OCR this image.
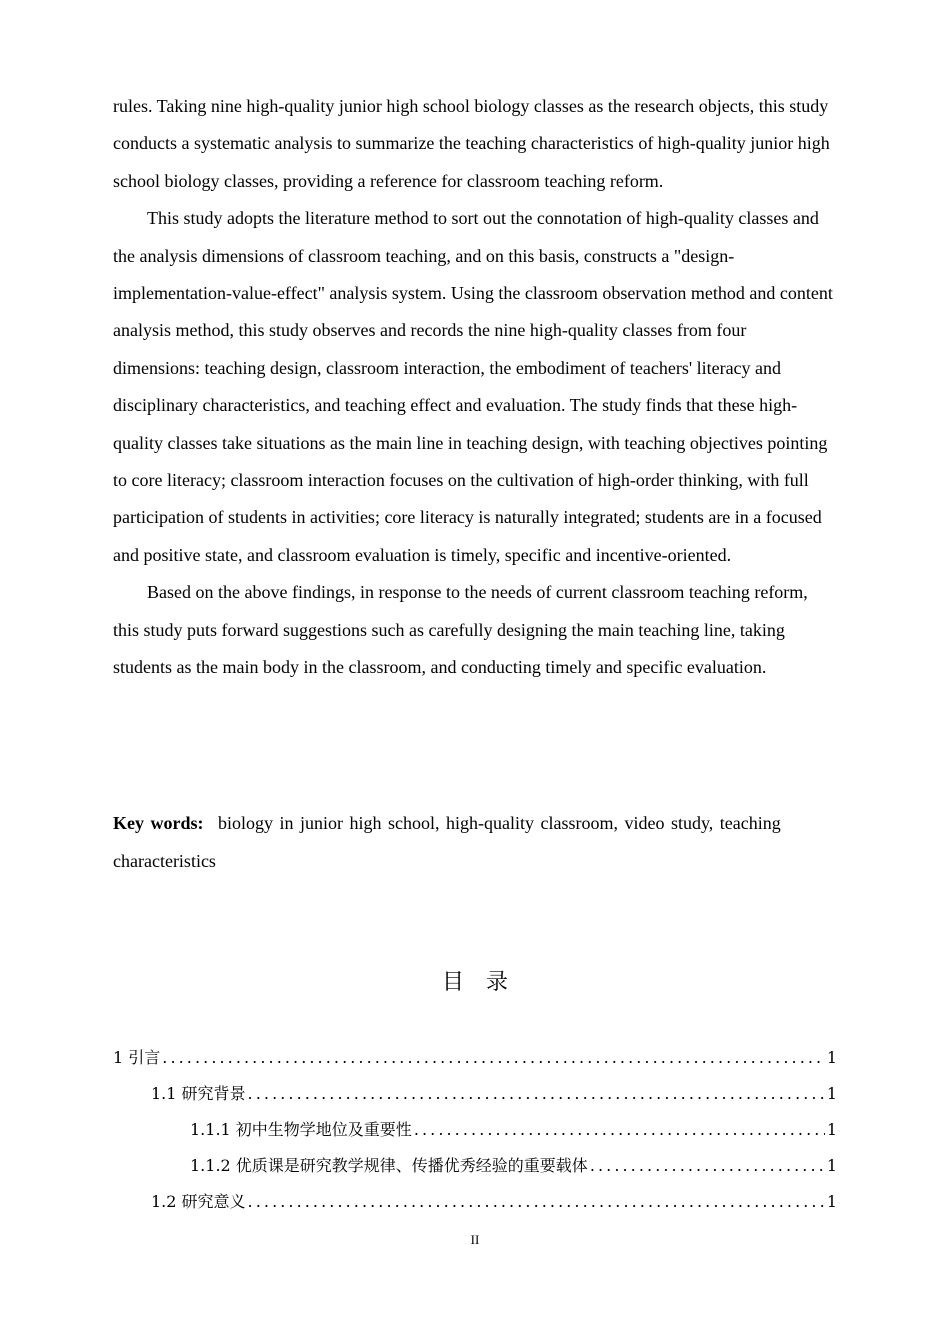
rules. Taking nine high-quality junior high school biology classes as the research objects, this study conducts a systematic analysis to summarize the teaching characteristics of high-quality junior high school biology classes, providing a reference for classroom teaching reform.

This study adopts the literature method to sort out the connotation of high-quality classes and the analysis dimensions of classroom teaching, and on this basis, constructs a "design-implementation-value-effect" analysis system. Using the classroom observation method and content analysis method, this study observes and records the nine high-quality classes from four dimensions: teaching design, classroom interaction, the embodiment of teachers' literacy and disciplinary characteristics, and teaching effect and evaluation. The study finds that these high-quality classes take situations as the main line in teaching design, with teaching objectives pointing to core literacy; classroom interaction focuses on the cultivation of high-order thinking, with full participation of students in activities; core literacy is naturally integrated; students are in a focused and positive state, and classroom evaluation is timely, specific and incentive-oriented.

Based on the above findings, in response to the needs of current classroom teaching reform, this study puts forward suggestions such as carefully designing the main teaching line, taking students as the main body in the classroom, and conducting timely and specific evaluation.

Key words: biology in junior high school, high-quality classroom, video study, teaching characteristics
目录
1 引言 . . .	1
1.1 研究背景 . . .	1
1.1.1 初中生物学地位及重要性 . . .	1
1.1.2 优质课是研究教学规律、传播优秀经验的重要载体 . . .	1
1.2 研究意义 . . .	1
II
